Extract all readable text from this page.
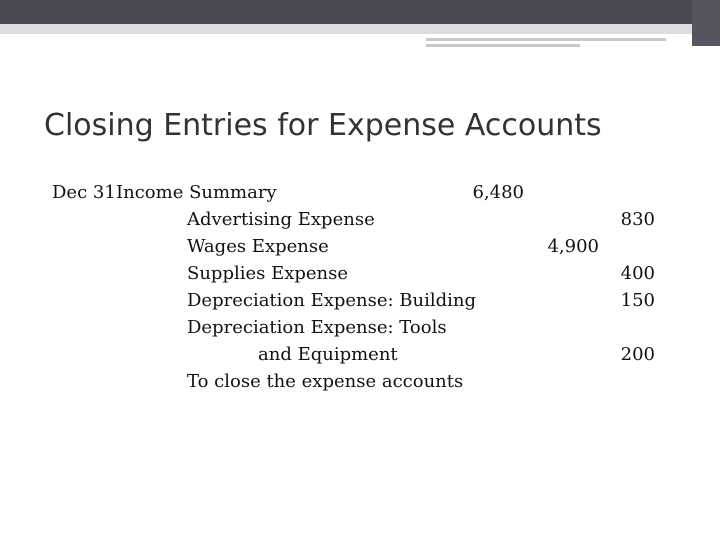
Closing Entries for Expense Accounts
Dec 31 Income Summary	6,480
Advertising Expense	830
Wages Expense	4,900
Supplies Expense	400
Depreciation Expense: Building	150
Depreciation Expense: Tools
and Equipment	200
To close the expense accounts
